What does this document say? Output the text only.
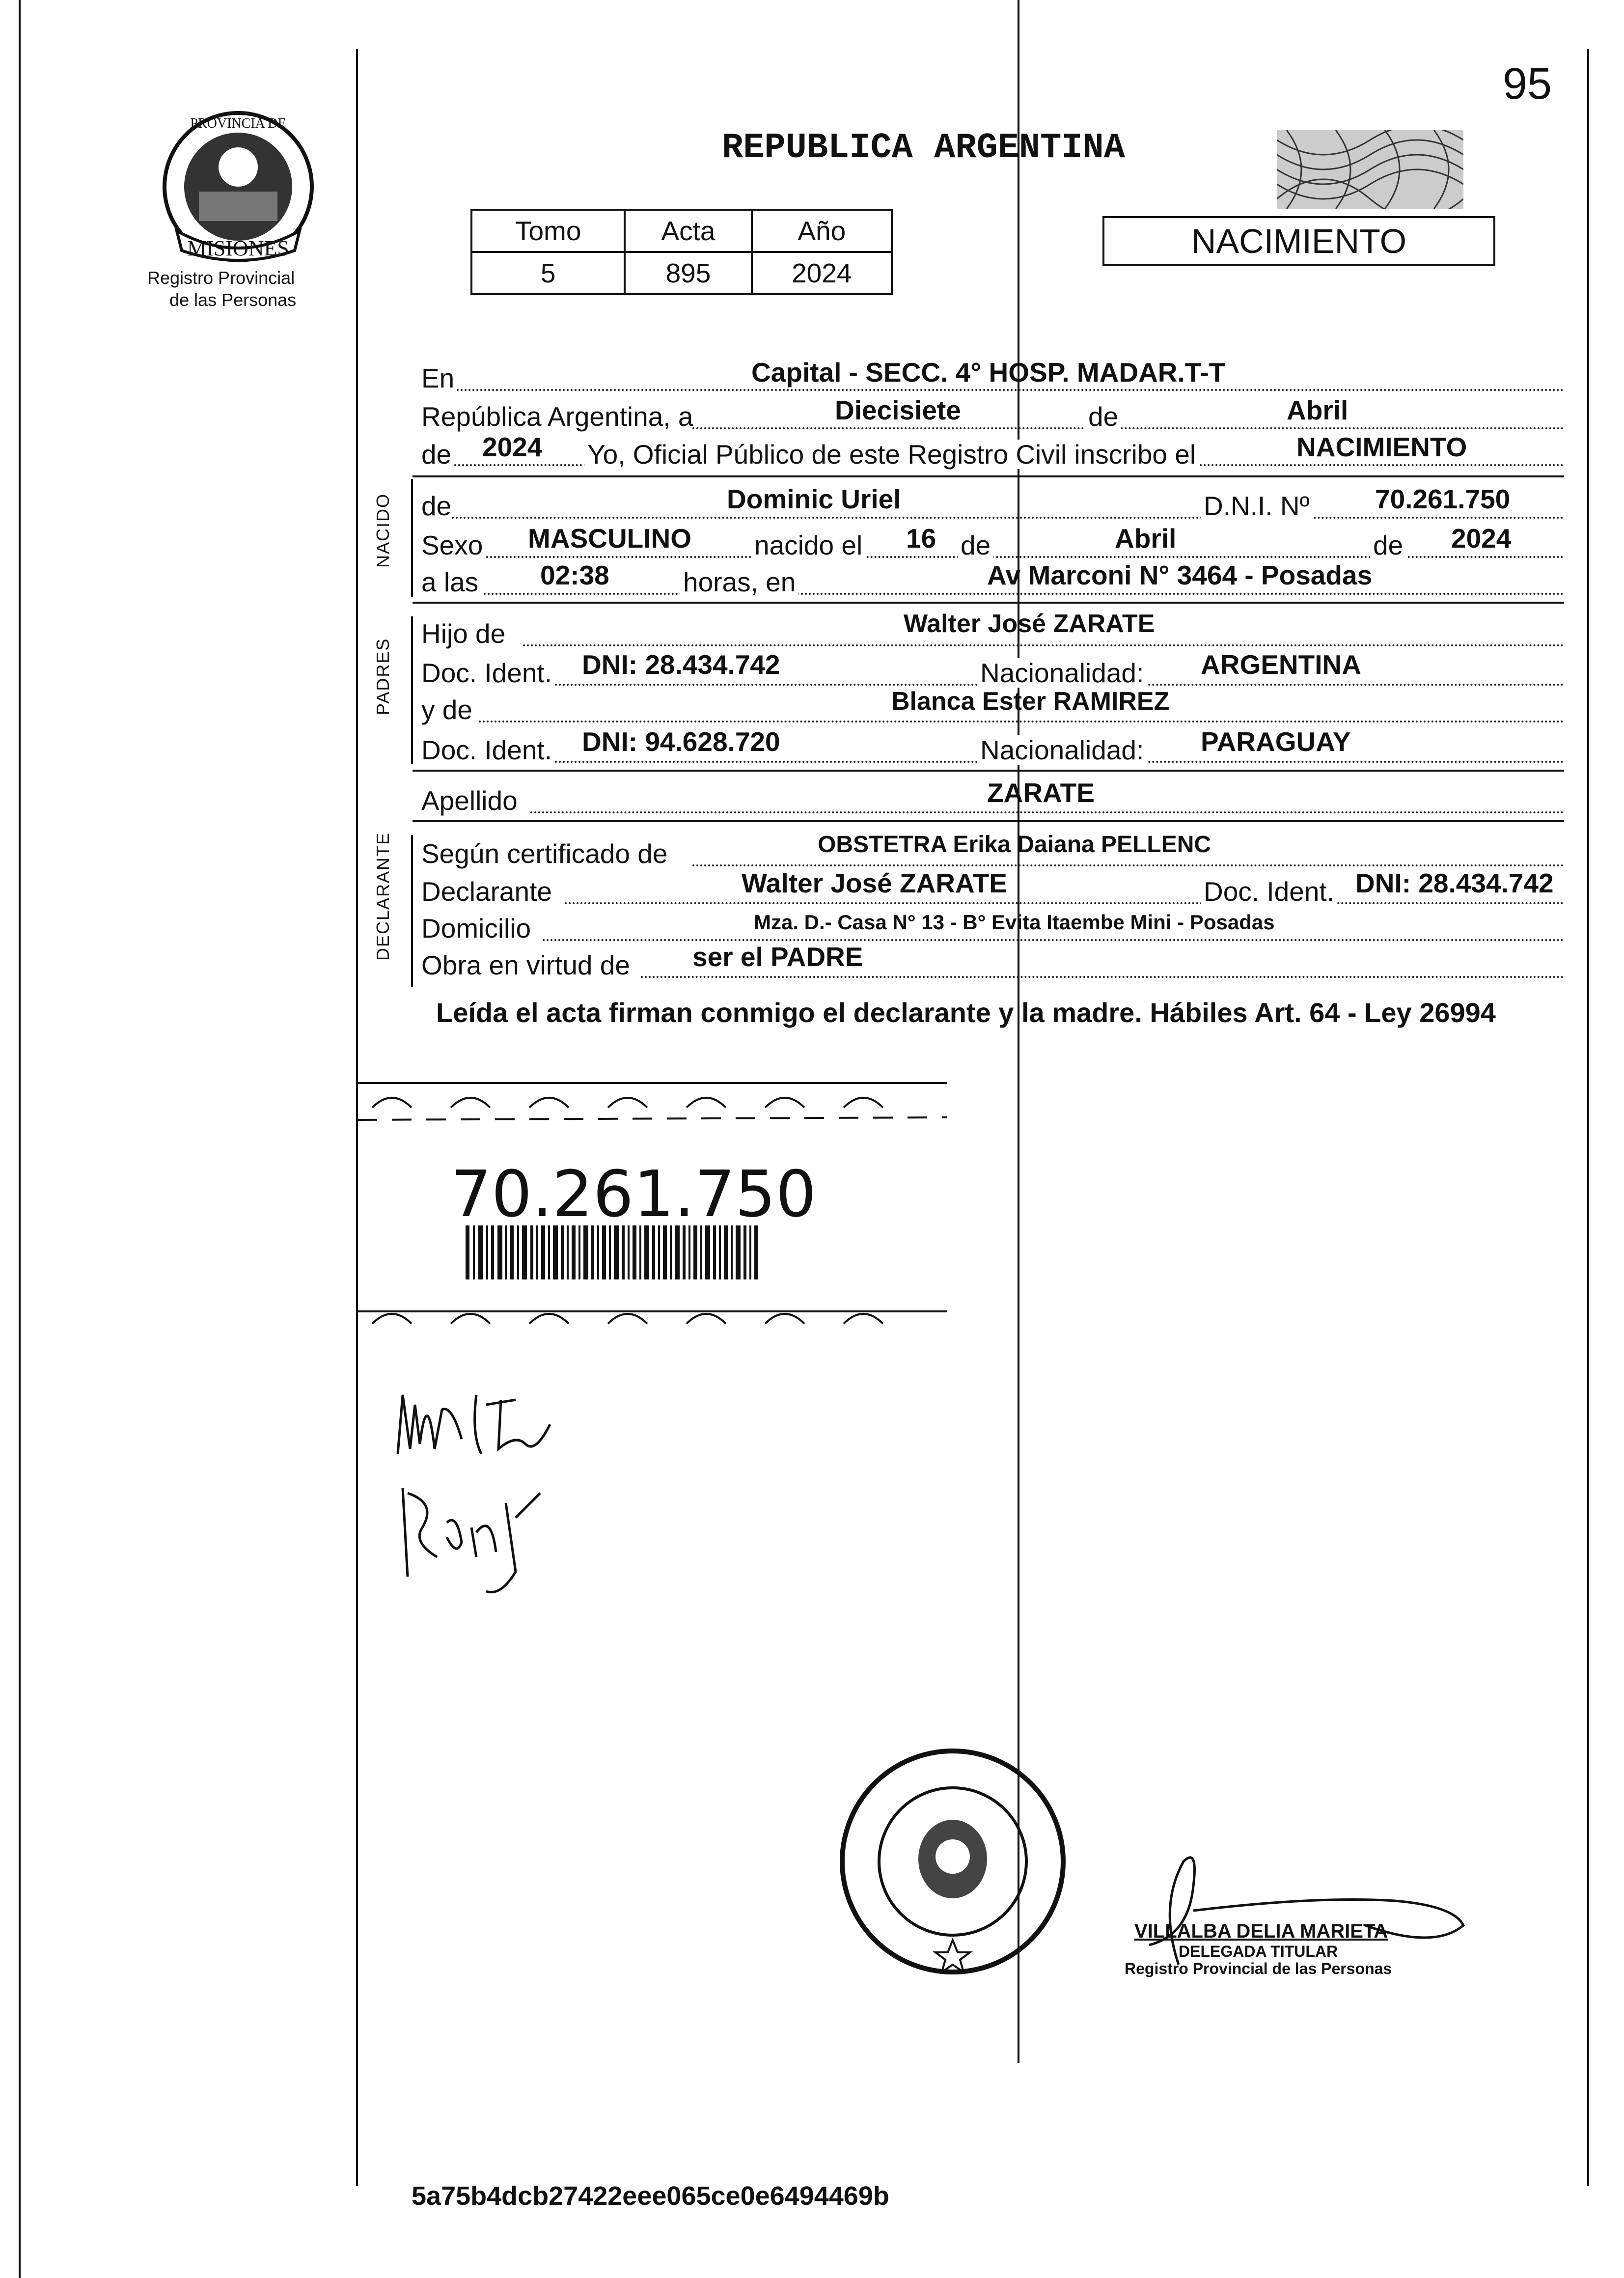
95
MISIONES
PROVINCIA DE
Registro Provincial
de las Personas
REPUBLICA ARGENTINA
NACIMIENTO
Tomo	Acta	Año
5	895	2024
En	Capital - SECC. 4° HOSP. MADAR.T-T
República Argentina, a	Diecisiete	de	Abril
de 2024 Yo, Oficial Público de este Registro Civil inscribo el	NACIMIENTO
NACIDO de	Dominic Uriel	D.N.I. Nº 70.261.750
Sexo MASCULINO nacido el 16 de	Abril	de 2024
a las 02:38	horas, en	Av Marconi N° 3464 - Posadas
PADRES
Hijo de	Walter José ZARATE
Doc. Ident. DNI: 28.434.742	Nacionalidad: ARGENTINA
y de	Blanca Ester RAMIREZ
Doc. Ident. DNI: 94.628.720	Nacionalidad: PARAGUAY
Apellido	ZARATE
DECLARANTE Según certificado de	OBSTETRA Erika Daiana PELLENC
Declarante	Walter José ZARATE	Doc. Ident. DNI: 28.434.742
Domicilio	Mza. D.- Casa N° 13 - B° Evita Itaembe Mini - Posadas
Obra en virtud de ser el PADRE
Leída el acta firman conmigo el declarante y la madre. Hábiles Art. 64 - Ley 26994
70.261.750
VILLALBA DELIA MARIETA
DELEGADA TITULAR
Registro Provincial de las Personas
5a75b4dcb27422eee065ce0e6494469b
